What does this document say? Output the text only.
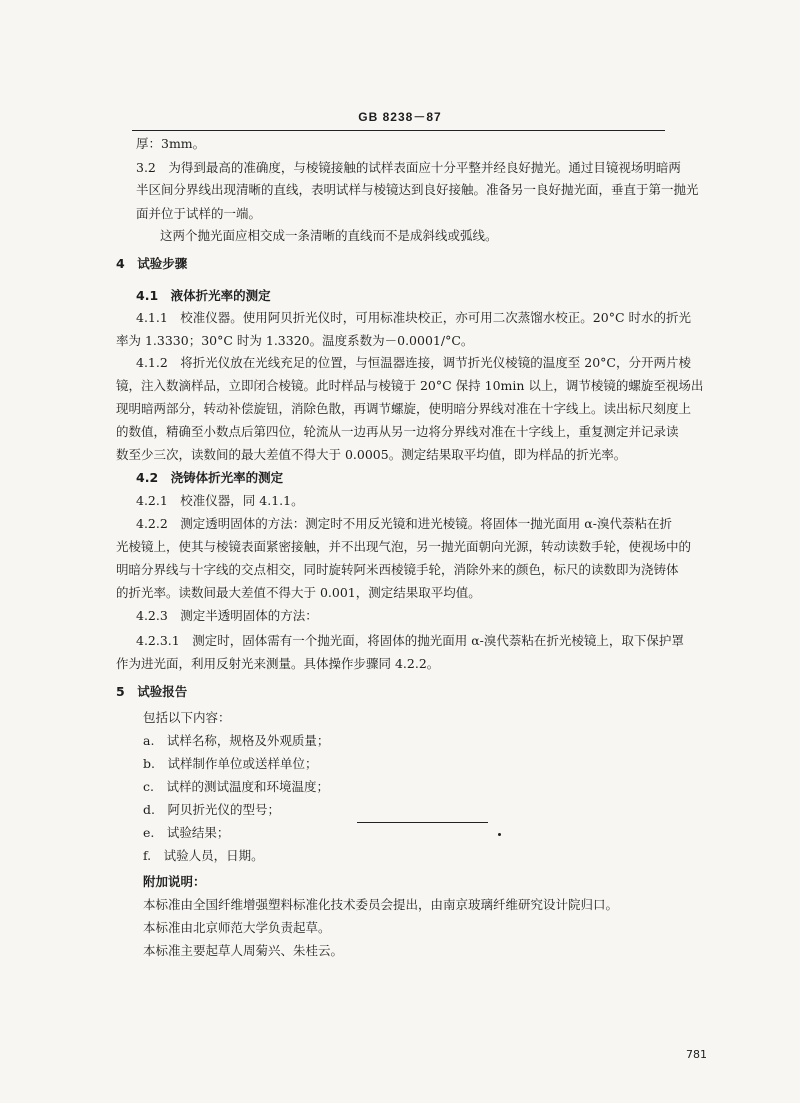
GB 8238－87
厚：3mm。
3.2　为得到最高的准确度，与棱镜接触的试样表面应十分平整并经良好抛光。通过目镜视场明暗两
半区间分界线出现清晰的直线，表明试样与棱镜达到良好接触。准备另一良好抛光面，垂直于第一抛光
面并位于试样的一端。
这两个抛光面应相交成一条清晰的直线而不是成斜线或弧线。
4　试验步骤
4.1　液体折光率的测定
4.1.1　校准仪器。使用阿贝折光仪时，可用标准块校正，亦可用二次蒸馏水校正。20°C 时水的折光
率为 1.3330；30°C 时为 1.3320。温度系数为－0.0001/°C。
4.1.2　将折光仪放在光线充足的位置，与恒温器连接，调节折光仪棱镜的温度至 20°C，分开两片棱
镜，注入数滴样品，立即闭合棱镜。此时样品与棱镜于 20°C 保持 10min 以上，调节棱镜的螺旋至视场出
现明暗两部分，转动补偿旋钮，消除色散，再调节螺旋，使明暗分界线对准在十字线上。读出标尺刻度上
的数值，精确至小数点后第四位，轮流从一边再从另一边将分界线对准在十字线上，重复测定并记录读
数至少三次，读数间的最大差值不得大于 0.0005。测定结果取平均值，即为样品的折光率。
4.2　浇铸体折光率的测定
4.2.1　校准仪器，同 4.1.1。
4.2.2　测定透明固体的方法：测定时不用反光镜和进光棱镜。将固体一抛光面用 α-溴代萘粘在折
光棱镜上，使其与棱镜表面紧密接触，并不出现气泡，另一抛光面朝向光源，转动读数手轮，使视场中的
明暗分界线与十字线的交点相交，同时旋转阿米西棱镜手轮，消除外来的颜色，标尺的读数即为浇铸体
的折光率。读数间最大差值不得大于 0.001，测定结果取平均值。
4.2.3　测定半透明固体的方法：
4.2.3.1　测定时，固体需有一个抛光面，将固体的抛光面用 α-溴代萘粘在折光棱镜上，取下保护罩
作为进光面，利用反射光来测量。具体操作步骤同 4.2.2。
5　试验报告
包括以下内容：
a.　试样名称，规格及外观质量；
b.　试样制作单位或送样单位；
c.　试样的测试温度和环境温度；
d.　阿贝折光仪的型号；
e.　试验结果；
f.　试验人员，日期。
附加说明：
本标准由全国纤维增强塑料标准化技术委员会提出，由南京玻璃纤维研究设计院归口。
本标准由北京师范大学负责起草。
本标准主要起草人周菊兴、朱桂云。
781
